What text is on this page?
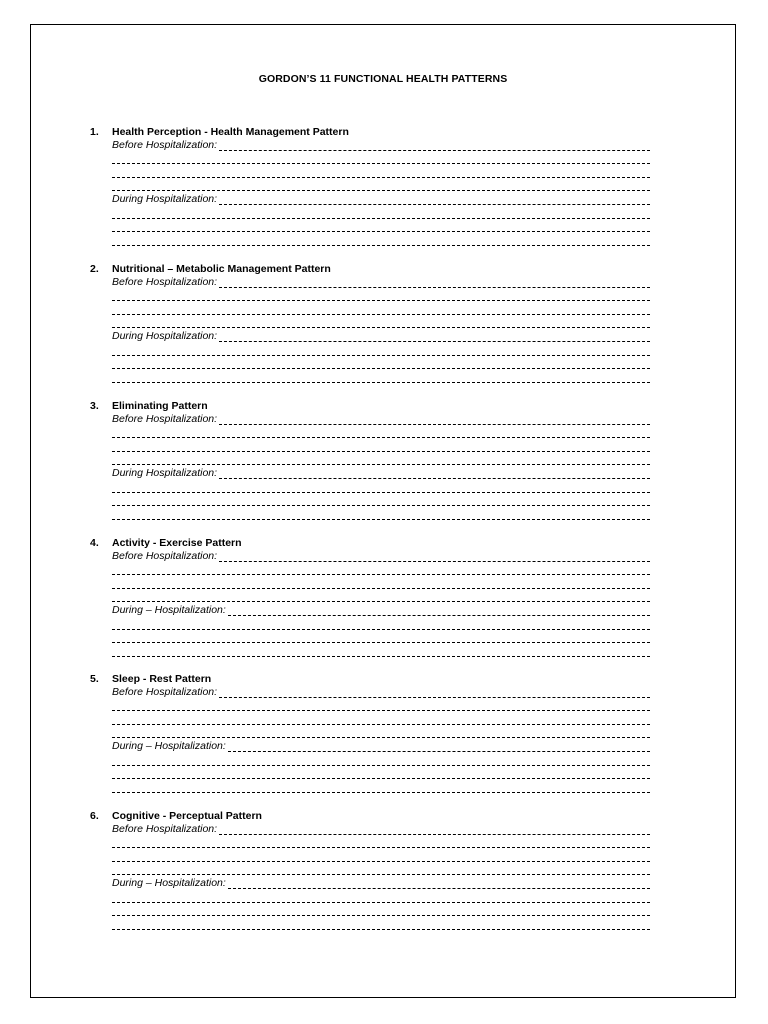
GORDON’S 11 FUNCTIONAL HEALTH PATTERNS
1. Health Perception - Health Management Pattern
Before Hospitalization:
During Hospitalization:
2. Nutritional – Metabolic Management Pattern
Before Hospitalization:
During Hospitalization:
3. Eliminating Pattern
Before Hospitalization:
During Hospitalization:
4. Activity - Exercise Pattern
Before Hospitalization:
During – Hospitalization:
5. Sleep - Rest Pattern
Before Hospitalization:
During – Hospitalization:
6. Cognitive - Perceptual Pattern
Before Hospitalization:
During – Hospitalization:
